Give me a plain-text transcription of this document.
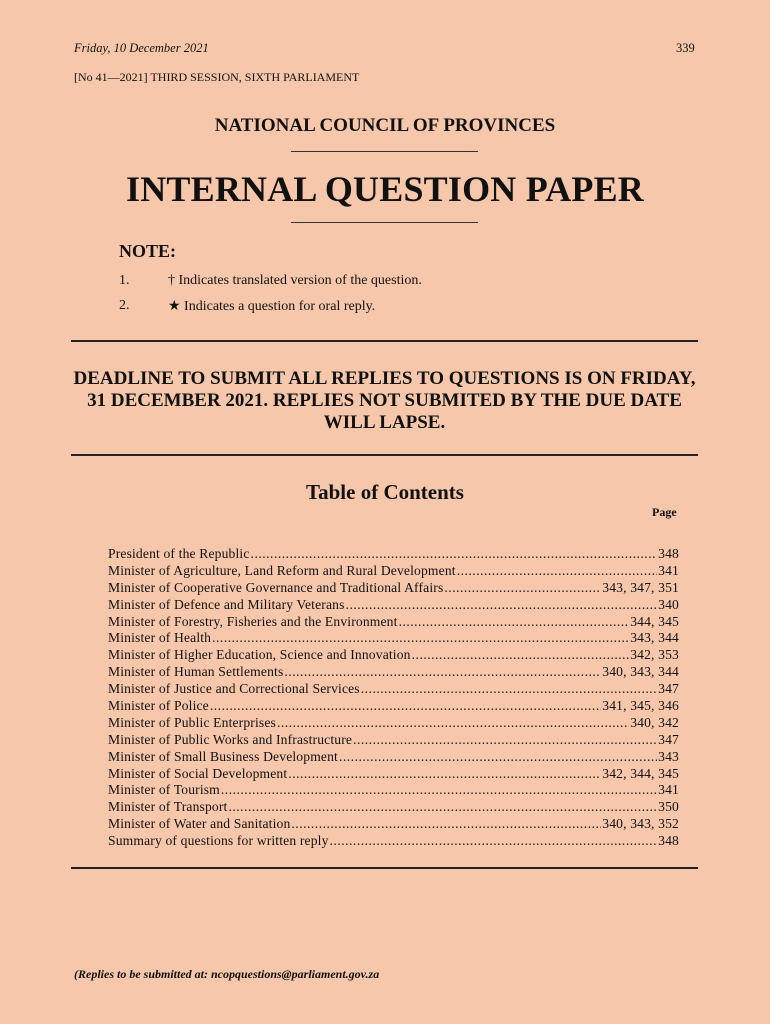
Friday, 10 December 2021	339
[No 41—2021] THIRD SESSION, SIXTH PARLIAMENT
NATIONAL COUNCIL OF PROVINCES
INTERNAL QUESTION PAPER
NOTE:
1.	† Indicates translated version of the question.
2.	★ Indicates a question for oral reply.
DEADLINE TO SUBMIT ALL REPLIES TO QUESTIONS IS ON FRIDAY, 31 DECEMBER 2021. REPLIES NOT SUBMITED BY THE DUE DATE WILL LAPSE.
Table of Contents
Page
President of the Republic .....	348
Minister of Agriculture, Land Reform and Rural Development .....	341
Minister of Cooperative Governance and Traditional Affairs .....	343, 347, 351
Minister of Defence and Military Veterans .....	340
Minister of Forestry, Fisheries and the Environment .....	344, 345
Minister of Health .....	343, 344
Minister of Higher Education, Science and Innovation .....	342, 353
Minister of Human Settlements .....	340, 343, 344
Minister of Justice and Correctional Services .....	347
Minister of Police .....	341, 345, 346
Minister of Public Enterprises .....	340, 342
Minister of Public Works and Infrastructure .....	347
Minister of Small Business Development .....	343
Minister of Social Development .....	342, 344, 345
Minister of Tourism .....	341
Minister of Transport .....	350
Minister of Water and Sanitation .....	340, 343, 352
Summary of questions for written reply .....	348
(Replies to be submitted at: ncopquestions@parliament.gov.za
